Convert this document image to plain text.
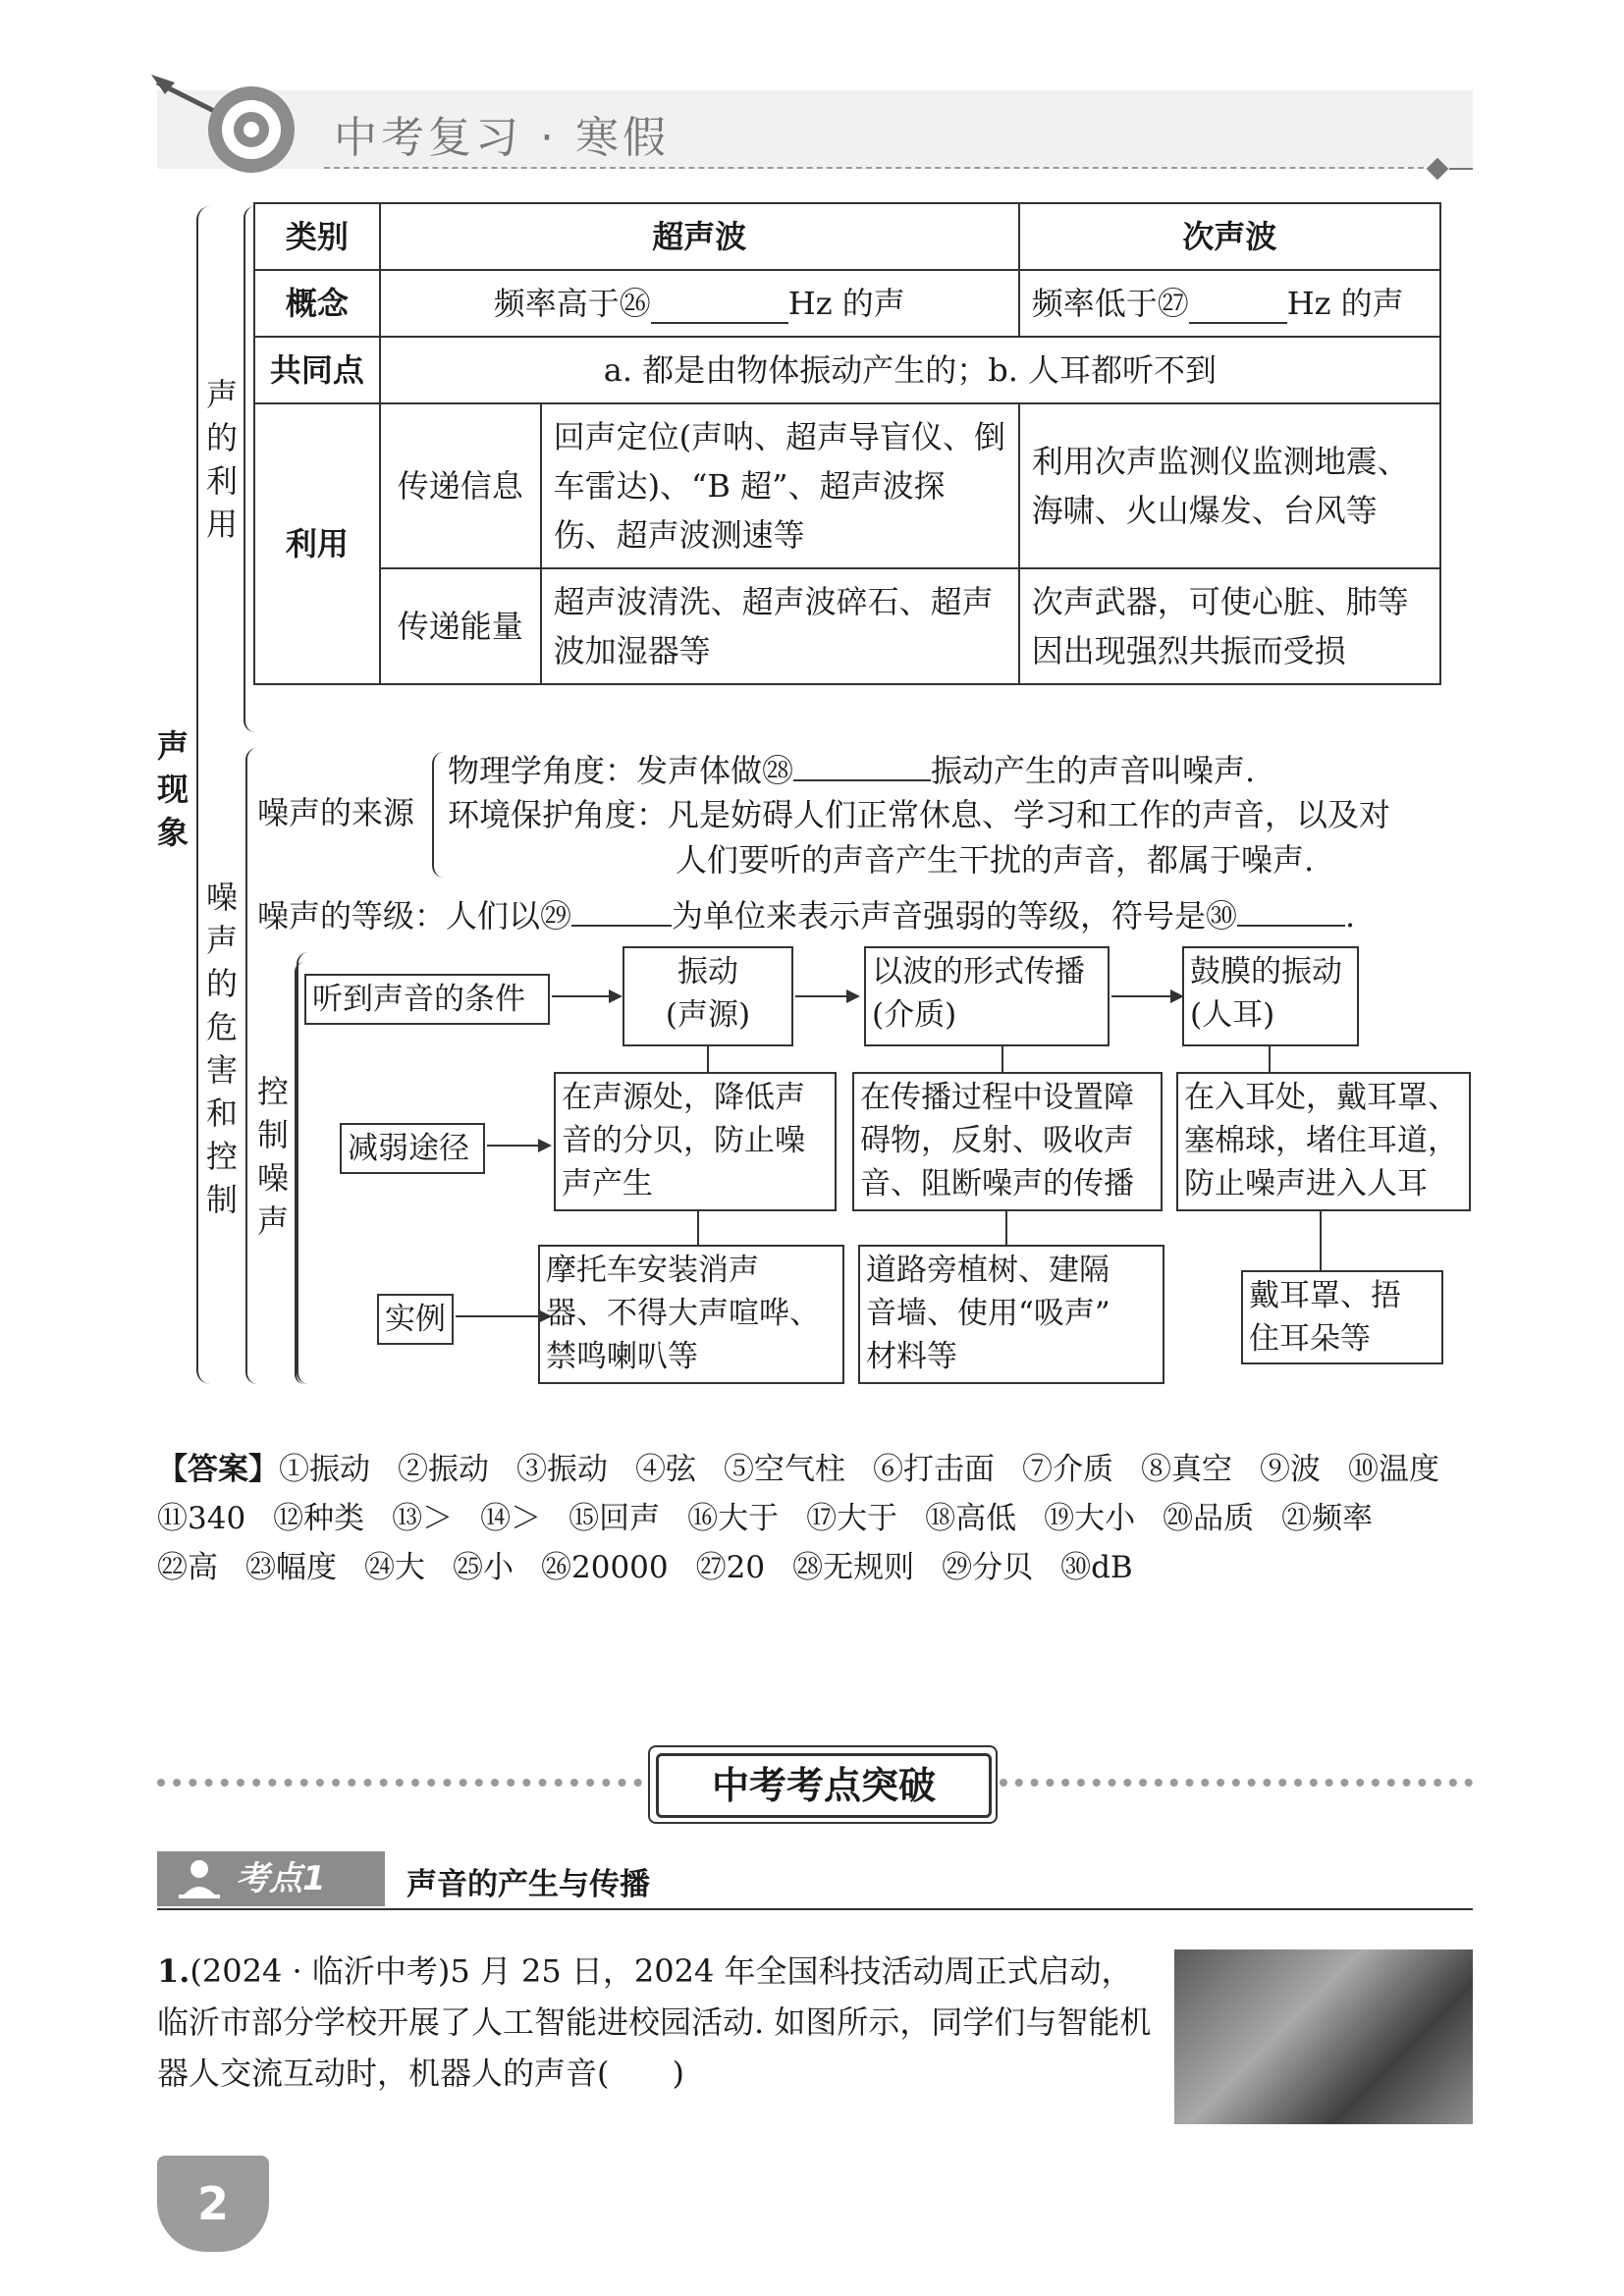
中考复习 · 寒假
声现象
声的利用
噪声的危害和控制
控制噪声
类别	超声波		次声波
概念	频率高于㉖ Hz 的声		频率低于㉗ Hz 的声
共同点	a. 都是由物体振动产生的；b. 人耳都听不到		
利用	传递信息	回声定位(声呐、超声导盲仪、倒车雷达)、“B 超”、超声波探伤、超声波测速等	利用次声监测仪监测地震、海啸、火山爆发、台风等
	传递能量	超声波清洗、超声波碎石、超声波加湿器等	次声武器，可使心脏、肺等因出现强烈共振而受损
噪声的来源
物理学角度：发声体做㉘	振动产生的声音叫噪声.
环境保护角度：凡是妨碍人们正常休息、学习和工作的声音，以及对
人们要听的声音产生干扰的声音，都属于噪声.
噪声的等级：人们以㉙	为单位来表示声音强弱的等级，符号是㉚	.
听到声音的条件
振动
(声源)
以波的形式传播
(介质)
鼓膜的振动
(人耳)
减弱途径
在声源处，降低声
音的分贝，防止噪
声产生
在传播过程中设置障
碍物，反射、吸收声
音、阻断噪声的传播
在入耳处，戴耳罩、
塞棉球，堵住耳道，
防止噪声进入人耳
实例
摩托车安装消声
器、不得大声喧哗、
禁鸣喇叭等
道路旁植树、建隔
音墙、使用“吸声”
材料等
戴耳罩、捂
住耳朵等
【答案】①振动 ②振动 ③振动 ④弦 ⑤空气柱 ⑥打击面 ⑦介质 ⑧真空 ⑨波 ⑩温度⑪340 ⑫种类 ⑬＞ ⑭＞ ⑮回声 ⑯大于 ⑰大于 ⑱高低 ⑲大小 ⑳品质 ㉑频率㉒高 ㉓幅度 ㉔大 ㉕小 ㉖20000 ㉗20 ㉘无规则 ㉙分贝 ㉚dB
中考考点突破
考点1	声音的产生与传播
1.(2024 · 临沂中考)5 月 25 日，2024 年全国科技活动周正式启动，临沂市部分学校开展了人工智能进校园活动. 如图所示，同学们与智能机器人交流互动时，机器人的声音(　　)
2
